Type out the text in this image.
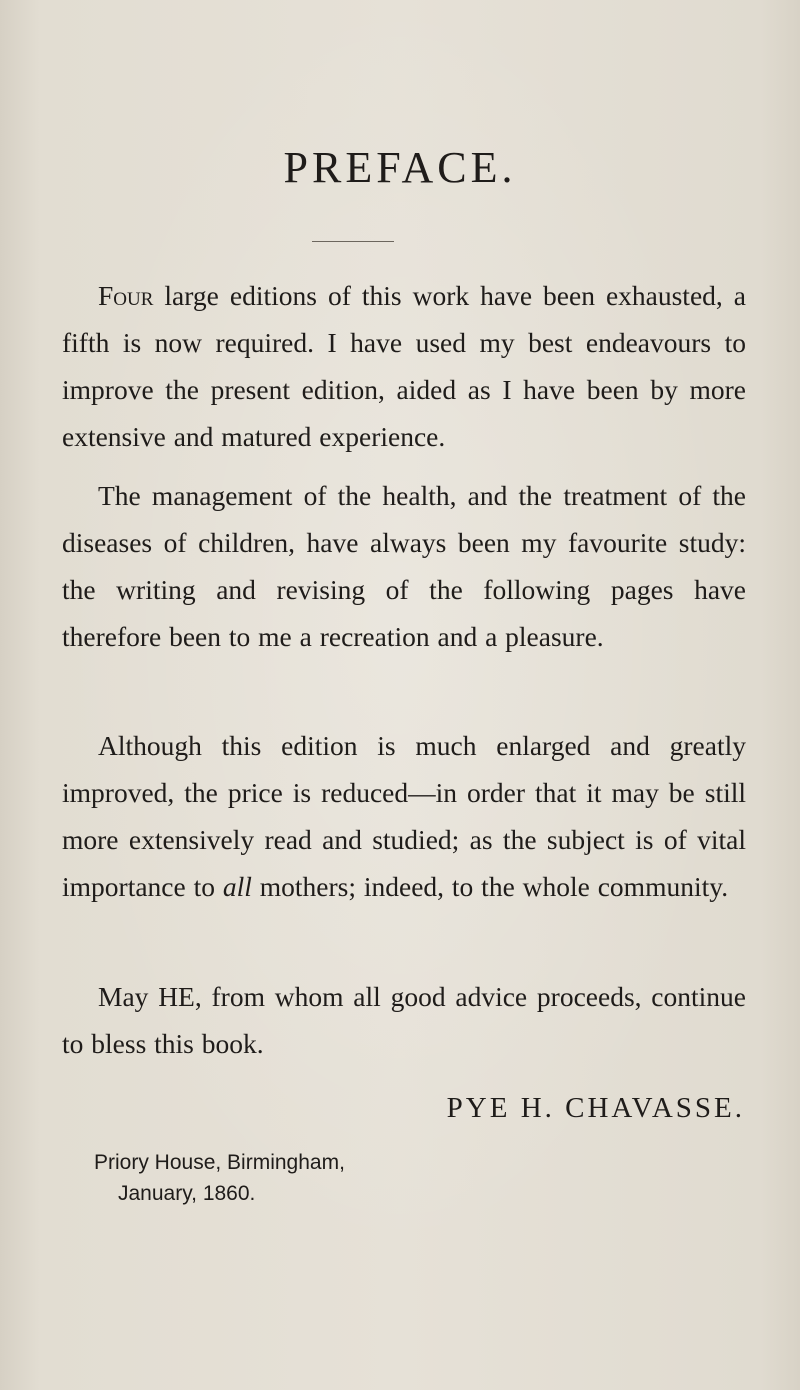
PREFACE.

Four large editions of this work have been exhausted, a fifth is now required. I have used my best endeavours to improve the present edition, aided as I have been by more extensive and matured experience.

The management of the health, and the treatment of the diseases of children, have always been my favourite study: the writing and revising of the following pages have therefore been to me a recreation and a pleasure.

Although this edition is much enlarged and greatly improved, the price is reduced—in order that it may be still more extensively read and studied; as the subject is of vital importance to all mothers; indeed, to the whole community.

May HE, from whom all good advice proceeds, continue to bless this book.

PYE H. CHAVASSE.

Priory House, Birmingham,
January, 1860.
